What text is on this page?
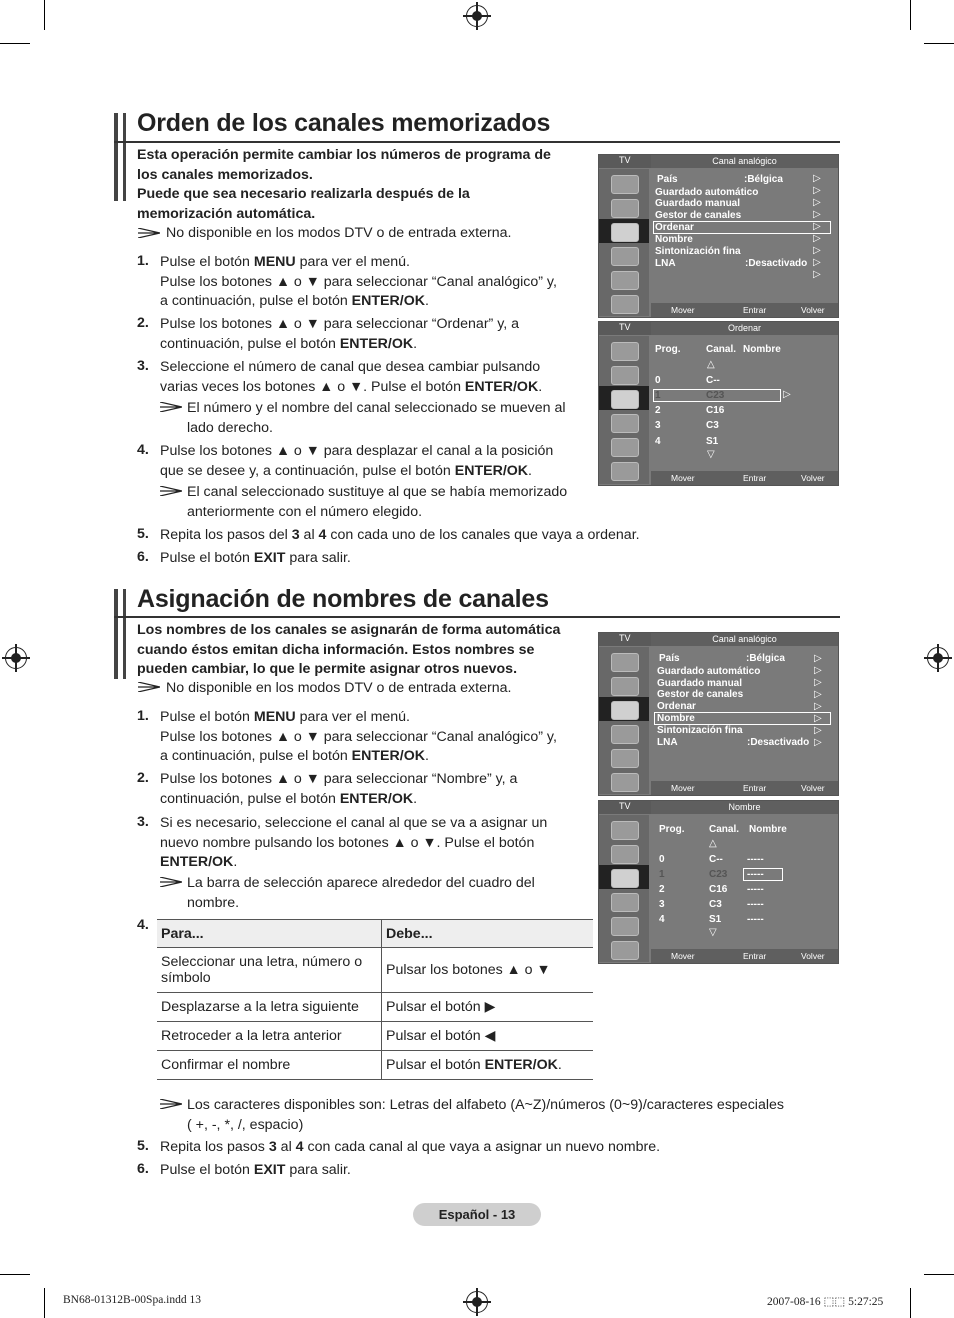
Orden de los canales memorizados
Esta operación permite cambiar los números de programa de
los canales memorizados.
Puede que sea necesario realizarla después de la
memorización automática.
No disponible en los modos DTV o de entrada externa.
1. Pulse el botón MENU para ver el menú.
Pulse los botones ▲ o ▼ para seleccionar “Canal analógico” y,
a continuación, pulse el botón ENTER/OK.
2. Pulse los botones ▲ o ▼ para seleccionar “Ordenar” y, a
continuación, pulse el botón ENTER/OK.
3. Seleccione el número de canal que desea cambiar pulsando
varias veces los botones ▲ o ▼. Pulse el botón ENTER/OK.
El número y el nombre del canal seleccionado se mueven al
lado derecho.
4. Pulse los botones ▲ o ▼ para desplazar el canal a la posición
que se desee y, a continuación, pulse el botón ENTER/OK.
El canal seleccionado sustituye al que se había memorizado
anteriormente con el número elegido.
5. Repita los pasos del 3 al 4 con cada uno de los canales que vaya a ordenar.
6. Pulse el botón EXIT para salir.
TV	Canal analógico
País	:Bélgica
Guardado automático
Guardado manual
Gestor de canales
Ordenar
Nombre
Sintonización fina
LNA	:Desactivado
▷
▷
▷
▷
▷
▷
▷
▷
▷
Mover	Entrar	Volver
TV	Ordenar
Prog.	Canal. Nombre
△
0	C--
1	C23	▷
2	C16
3	C3
4	S1
▽
Mover	Entrar	Volver
Asignación de nombres de canales
Los nombres de los canales se asignarán de forma automática
cuando éstos emitan dicha información. Estos nombres se
pueden cambiar, lo que le permite asignar otros nuevos.
No disponible en los modos DTV o de entrada externa.
1. Pulse el botón MENU para ver el menú.
Pulse los botones ▲ o ▼ para seleccionar “Canal analógico” y,
a continuación, pulse el botón ENTER/OK.
2. Pulse los botones ▲ o ▼ para seleccionar “Nombre” y, a
continuación, pulse el botón ENTER/OK.
3. Si es necesario, seleccione el canal al que se va a asignar un
nuevo nombre pulsando los botones ▲ o ▼. Pulse el botón
ENTER/OK.
La barra de selección aparece alrededor del cuadro del
nombre.
4.
Para...	Debe...

Seleccionar una letra, número o
símbolo	Pulsar los botones ▲ o ▼
Desplazarse a la letra siguiente	Pulsar el botón ▶
Retroceder a la letra anterior	Pulsar el botón ◀
Confirmar el nombre	Pulsar el botón ENTER/OK.
Los caracteres disponibles son: Letras del alfabeto (A~Z)/números (0~9)/caracteres especiales
( +, -, *, /, espacio)
5. Repita los pasos 3 al 4 con cada canal al que vaya a asignar un nuevo nombre.
6. Pulse el botón EXIT para salir.
TV	Canal analógico
País	:Bélgica
Guardado automático
Guardado manual
Gestor de canales
Ordenar
Nombre
Sintonización fina
LNA	:Desactivado
▷
▷
▷
▷
▷
▷
▷
▷
Mover	Entrar	Volver
TV	Nombre
Prog. Canal. Nombre
△
0	C-- -----
1	C23 -----
2	C16 -----
3	C3	-----
4	S1	-----
▽
Mover	Entrar	Volver
Español - 13
BN68-01312B-00Spa.indd 13	2007-08-16 ⬚⬚ 5:27:25
